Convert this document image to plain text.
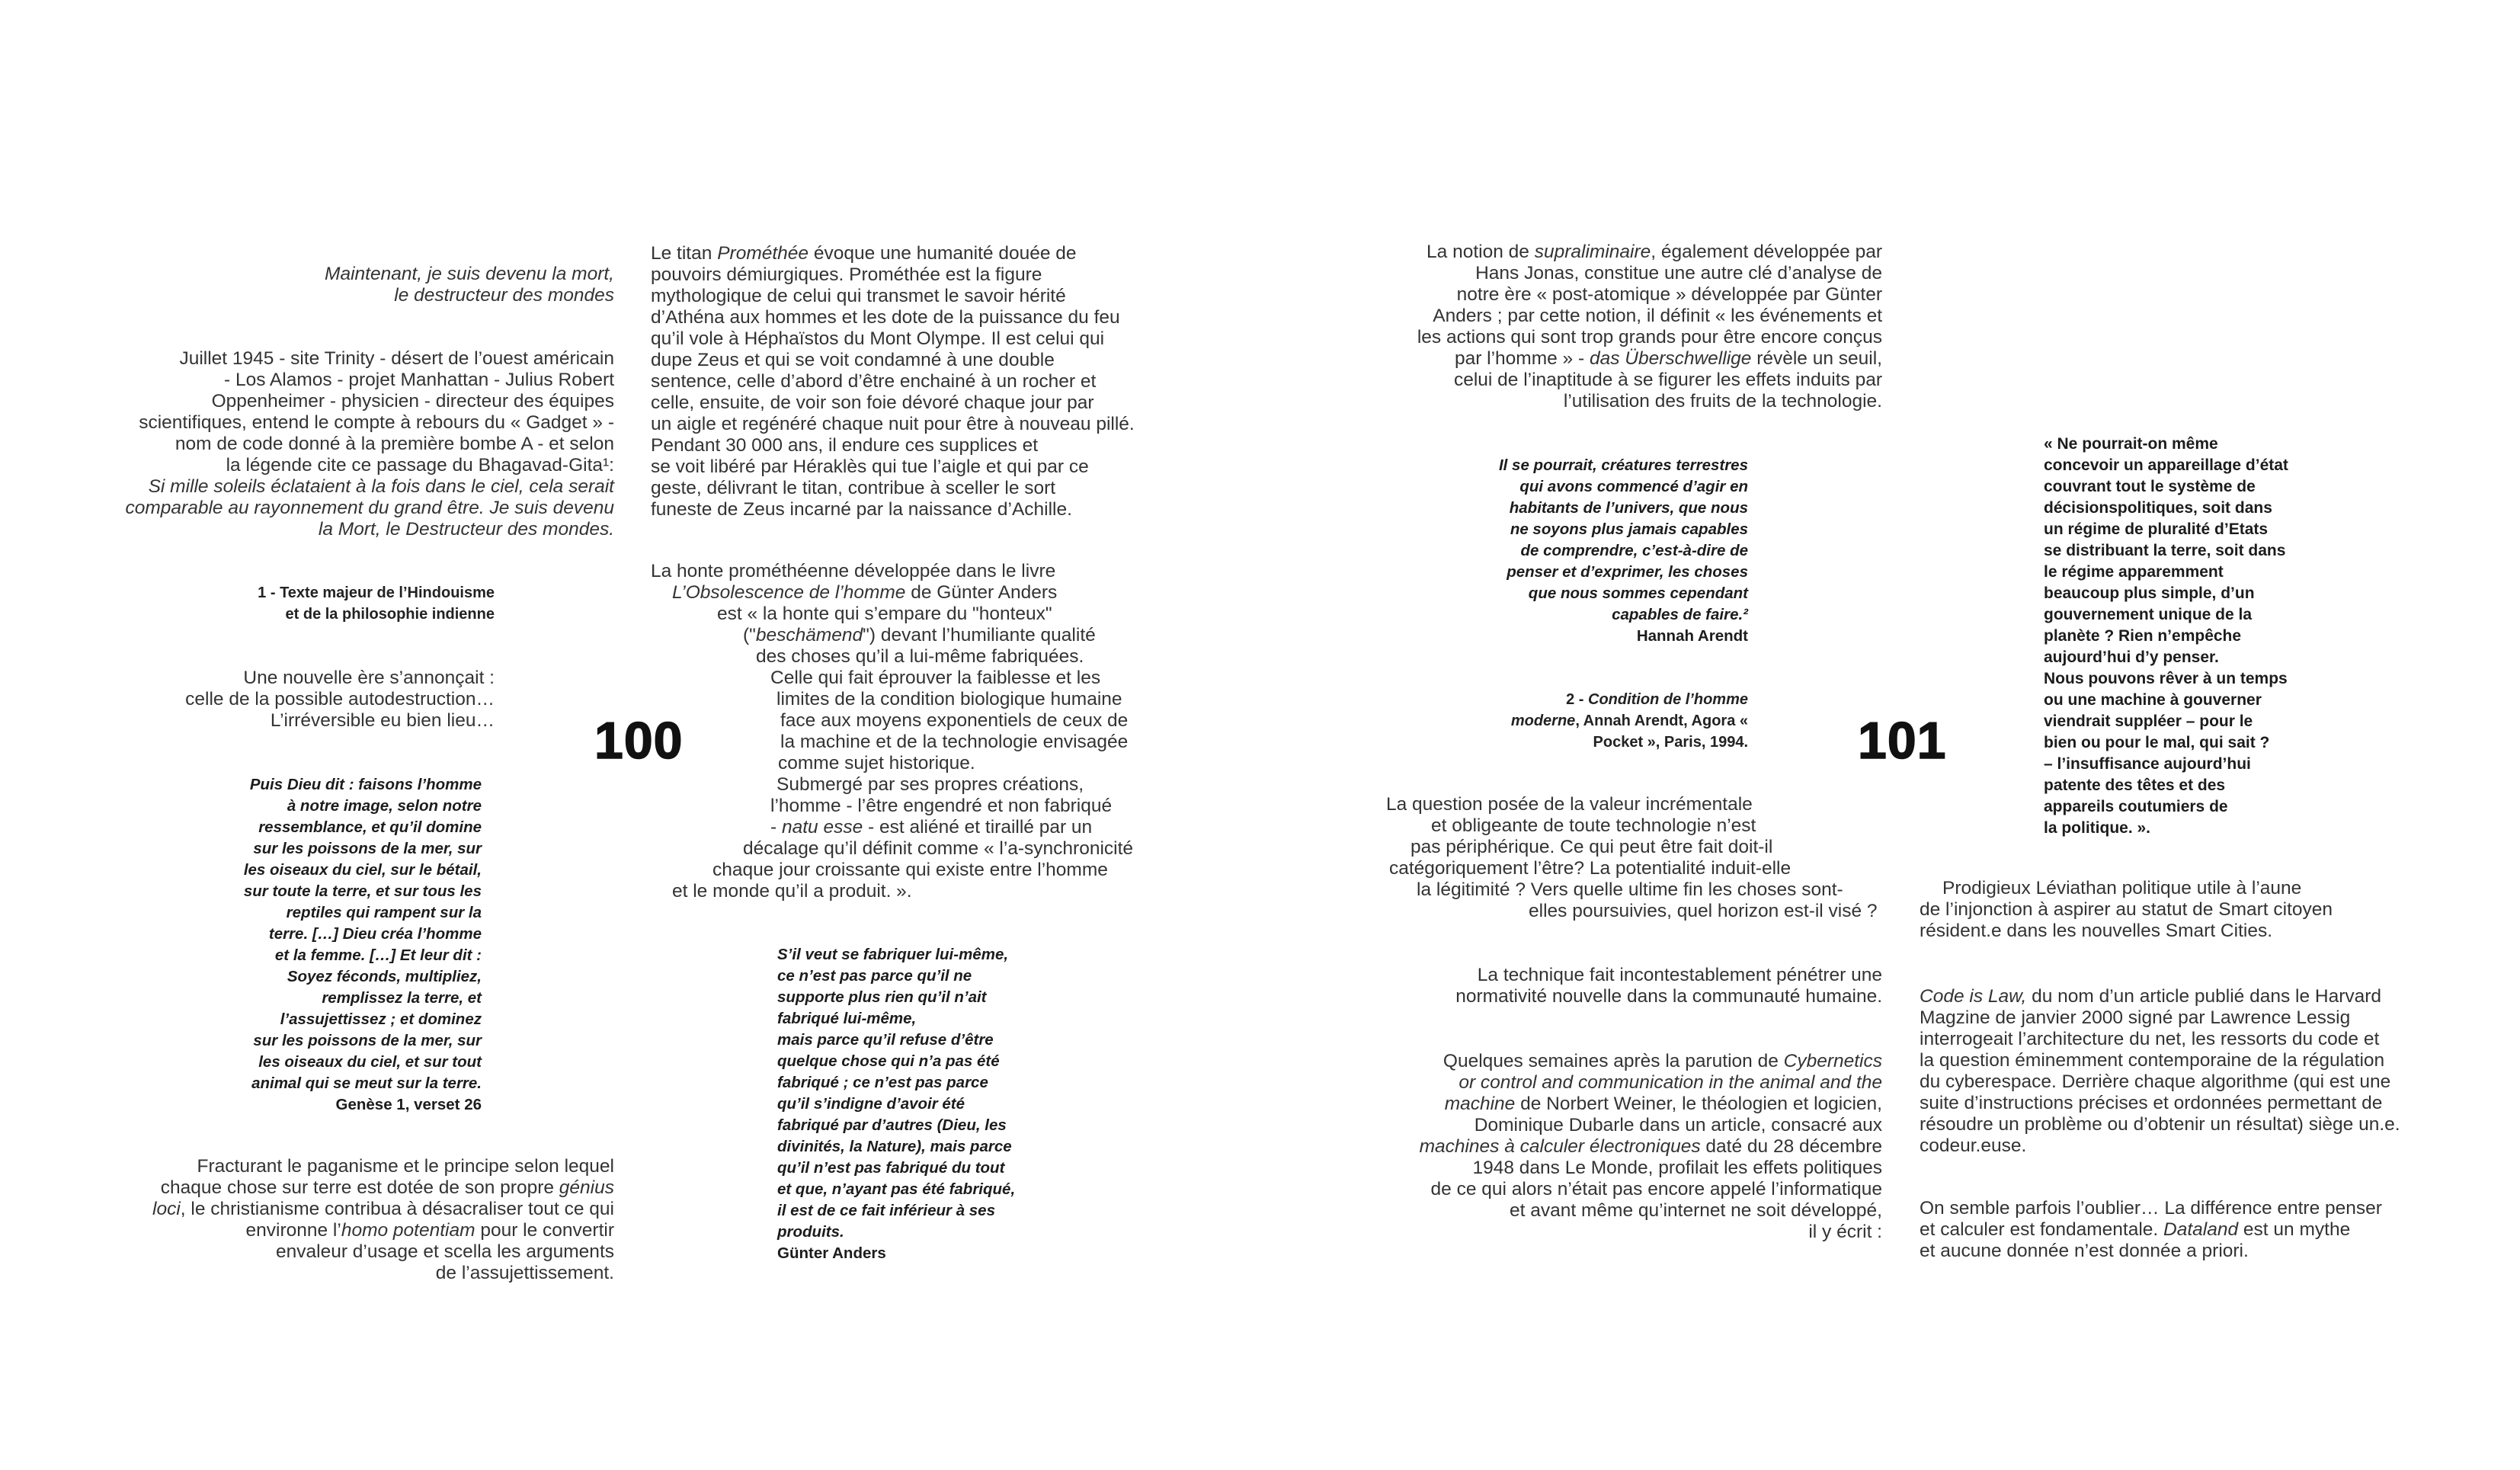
Maintenant, je suis devenu la mort,
le destructeur des mondes
Juillet 1945 - site Trinity - désert de l’ouest américain
- Los Alamos - projet Manhattan - Julius Robert
Oppenheimer - physicien - directeur des équipes
scientifiques, entend le compte à rebours du « Gadget » -
nom de code donné à la première bombe A - et selon
la légende cite ce passage du Bhagavad-Gita¹:
Si mille soleils éclataient à la fois dans le ciel, cela serait
comparable au rayonnement du grand être. Je suis devenu
la Mort, le Destructeur des mondes.
1 - Texte majeur de l’Hindouisme
et de la philosophie indienne
Une nouvelle ère s’annonçait :
celle de la possible autodestruction…
L’irréversible eu bien lieu…
Puis Dieu dit : faisons l’homme
à notre image, selon notre
ressemblance, et qu’il domine
sur les poissons de la mer, sur
les oiseaux du ciel, sur le bétail,
sur toute la terre, et sur tous les
reptiles qui rampent sur la
terre. […] Dieu créa l’homme
et la femme. […] Et leur dit :
Soyez féconds, multipliez,
remplissez la terre, et
l’assujettissez ; et dominez
sur les poissons de la mer, sur
les oiseaux du ciel, et sur tout
animal qui se meut sur la terre.
Genèse 1, verset 26
Fracturant le paganisme et le principe selon lequel
chaque chose sur terre est dotée de son propre génius
loci, le christianisme contribua à désacraliser tout ce qui
environne l’homo potentiam pour le convertir
envaleur d’usage et scella les arguments
de l’assujettissement.
100
Le titan Prométhée évoque une humanité douée de
pouvoirs démiurgiques. Prométhée est la figure
mythologique de celui qui transmet le savoir hérité
d’Athéna aux hommes et les dote de la puissance du feu
qu’il vole à Héphaïstos du Mont Olympe. Il est celui qui
dupe Zeus et qui se voit condamné à une double
sentence, celle d’abord d’être enchainé à un rocher et
celle, ensuite, de voir son foie dévoré chaque jour par
un aigle et regénéré chaque nuit pour être à nouveau pillé.
Pendant 30 000 ans, il endure ces supplices et
se voit libéré par Héraklès qui tue l’aigle et qui par ce
geste, délivrant le titan, contribue à sceller le sort
funeste de Zeus incarné par la naissance d’Achille.
La honte prométhéenne développée dans le livre
L’Obsolescence de l’homme de Günter Anders
est « la honte qui s’empare du "honteux"
("beschämend") devant l’humiliante qualité
des choses qu’il a lui-même fabriquées.
Celle qui fait éprouver la faiblesse et les
limites de la condition biologique humaine
face aux moyens exponentiels de ceux de
la machine et de la technologie envisagée
comme sujet historique.
Submergé par ses propres créations,
l’homme - l’être engendré et non fabriqué
- natu esse - est aliéné et tiraillé par un
décalage qu’il définit comme « l’a-synchronicité
chaque jour croissante qui existe entre l’homme
et le monde qu’il a produit. ».
S’il veut se fabriquer lui-même,
ce n’est pas parce qu’il ne
supporte plus rien qu’il n’ait
fabriqué lui-même,
mais parce qu’il refuse d’être
quelque chose qui n’a pas été
fabriqué ; ce n’est pas parce
qu’il s’indigne d’avoir été
fabriqué par d’autres (Dieu, les
divinités, la Nature), mais parce
qu’il n’est pas fabriqué du tout
et que, n’ayant pas été fabriqué,
il est de ce fait inférieur à ses
produits.
Günter Anders
La notion de supraliminaire, également développée par
Hans Jonas, constitue une autre clé d’analyse de
notre ère « post-atomique » développée par Günter
Anders ; par cette notion, il définit « les événements et
les actions qui sont trop grands pour être encore conçus
par l’homme » - das Überschwellige révèle un seuil,
celui de l’inaptitude à se figurer les effets induits par
l’utilisation des fruits de la technologie.
Il se pourrait, créatures terrestres
qui avons commencé d’agir en
habitants de l’univers, que nous
ne soyons plus jamais capables
de comprendre, c’est-à-dire de
penser et d’exprimer, les choses
que nous sommes cependant
capables de faire.²
Hannah Arendt
2 - Condition de l’homme
moderne, Annah Arendt, Agora «
Pocket », Paris, 1994. 101
La question posée de la valeur incrémentale
et obligeante de toute technologie n’est
pas périphérique. Ce qui peut être fait doit-il
catégoriquement l’être? La potentialité induit-elle
la légitimité ? Vers quelle ultime fin les choses sont-
elles poursuivies, quel horizon est-il visé ?
La technique fait incontestablement pénétrer une
normativité nouvelle dans la communauté humaine.
Quelques semaines après la parution de Cybernetics
or control and communication in the animal and the
machine de Norbert Weiner, le théologien et logicien,
Dominique Dubarle dans un article, consacré aux
machines à calculer électroniques daté du 28 décembre
1948 dans Le Monde, profilait les effets politiques
de ce qui alors n’était pas encore appelé l’informatique
et avant même qu’internet ne soit développé,
il y écrit :
« Ne pourrait-on même
concevoir un appareillage d’état
couvrant tout le système de
décisionspolitiques, soit dans
un régime de pluralité d’Etats
se distribuant la terre, soit dans
le régime apparemment
beaucoup plus simple, d’un
gouvernement unique de la
planète ? Rien n’empêche
aujourd’hui d’y penser.
Nous pouvons rêver à un temps
ou une machine à gouverner
viendrait suppléer – pour le
bien ou pour le mal, qui sait ?
– l’insuffisance aujourd’hui
patente des têtes et des
appareils coutumiers de
la politique. ».
Prodigieux Léviathan politique utile à l’aune
de l’injonction à aspirer au statut de Smart citoyen
résident.e dans les nouvelles Smart Cities.
Code is Law, du nom d’un article publié dans le Harvard
Magzine de janvier 2000 signé par Lawrence Lessig
interrogeait l’architecture du net, les ressorts du code et
la question éminemment contemporaine de la régulation
du cyberespace. Derrière chaque algorithme (qui est une
suite d’instructions précises et ordonnées permettant de
résoudre un problème ou d’obtenir un résultat) siège un.e.
codeur.euse.
On semble parfois l’oublier… La différence entre penser
et calculer est fondamentale. Dataland est un mythe
et aucune donnée n’est donnée a priori.
